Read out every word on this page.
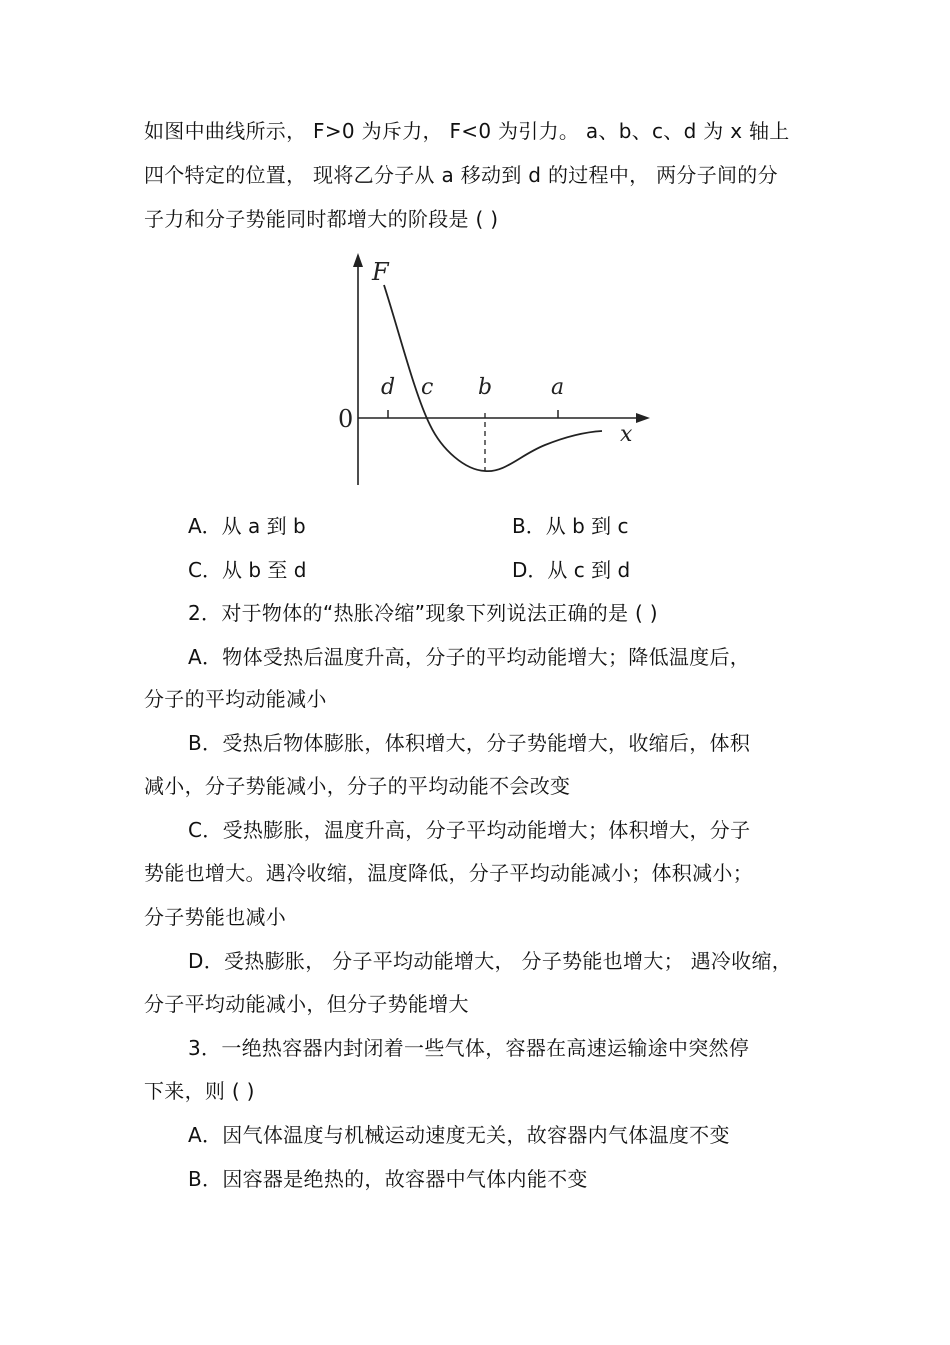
如图中曲线所示， F>0 为斥力， F<0 为引力。 a、b、c、d 为 x 轴上
四个特定的位置， 现将乙分子从 a 移动到 d 的过程中， 两分子间的分
子力和分子势能同时都增大的阶段是 ( )
F
x
0
d c b	a
A．从 a 到 b	B．从 b 到 c
C．从 b 至 d	D．从 c 到 d
2．对于物体的“热胀冷缩”现象下列说法正确的是 ( )
A．物体受热后温度升高，分子的平均动能增大；降低温度后，
分子的平均动能减小
B．受热后物体膨胀，体积增大，分子势能增大，收缩后，体积
减小，分子势能减小，分子的平均动能不会改变
C．受热膨胀，温度升高，分子平均动能增大；体积增大，分子
势能也增大。遇冷收缩，温度降低，分子平均动能减小；体积减小；
分子势能也减小
D．受热膨胀， 分子平均动能增大， 分子势能也增大； 遇冷收缩，
分子平均动能减小，但分子势能增大
3．一绝热容器内封闭着一些气体，容器在高速运输途中突然停
下来，则 ( )
A．因气体温度与机械运动速度无关，故容器内气体温度不变
B．因容器是绝热的，故容器中气体内能不变
